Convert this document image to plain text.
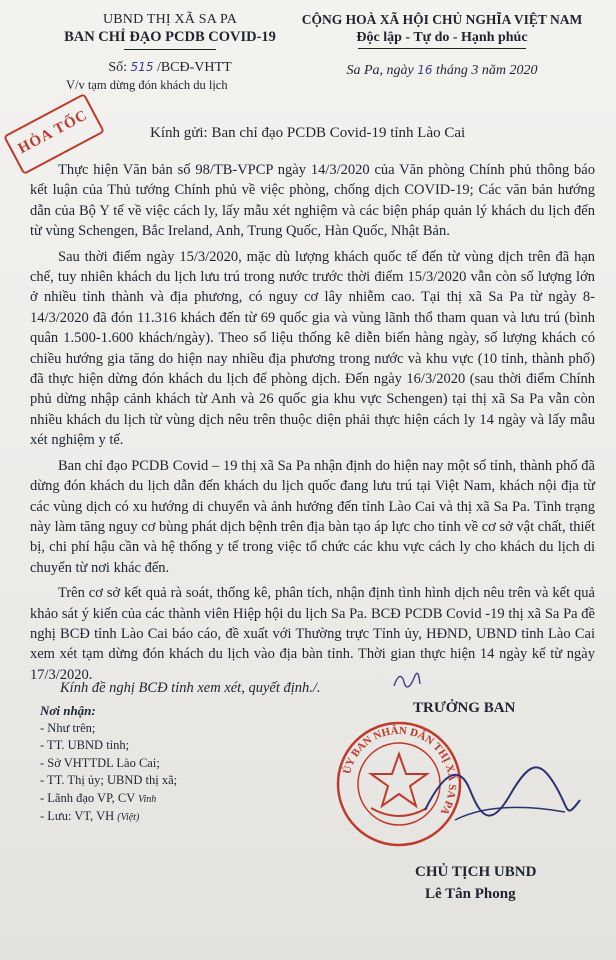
UBND THỊ XÃ SA PA
BAN CHỈ ĐẠO PCDB COVID-19
Số: 515 /BCĐ-VHTT
V/v tạm dừng đón khách du lịch
CỘNG HOÀ XÃ HỘI CHỦ NGHĨA VIỆT NAM
Độc lập - Tự do - Hạnh phúc
Sa Pa, ngày 16 tháng 3 năm 2020
HỎA TỐC	Kính gửi: Ban chỉ đạo PCDB Covid-19 tỉnh Lào Cai

Thực hiện Văn bản số 98/TB-VPCP ngày 14/3/2020 của Văn phòng Chính phủ thông báo kết luận của Thủ tướng Chính phủ về việc phòng, chống dịch COVID-19; Các văn bản hướng dẫn của Bộ Y tế về việc cách ly, lấy mẫu xét nghiệm và các biện pháp quản lý khách du lịch đến từ vùng Schengen, Bắc Ireland, Anh, Trung Quốc, Hàn Quốc, Nhật Bản.

Sau thời điểm ngày 15/3/2020, mặc dù lượng khách quốc tế đến từ vùng dịch trên đã hạn chế, tuy nhiên khách du lịch lưu trú trong nước trước thời điểm 15/3/2020 vẫn còn số lượng lớn ở nhiều tỉnh thành và địa phương, có nguy cơ lây nhiễm cao. Tại thị xã Sa Pa từ ngày 8-14/3/2020 đã đón 11.316 khách đến từ 69 quốc gia và vùng lãnh thổ tham quan và lưu trú (bình quân 1.500-1.600 khách/ngày). Theo số liệu thống kê diễn biến hàng ngày, số lượng khách có chiều hướng gia tăng do hiện nay nhiều địa phương trong nước và khu vực (10 tỉnh, thành phố) đã thực hiện dừng đón khách du lịch để phòng dịch. Đến ngày 16/3/2020 (sau thời điểm Chính phủ dừng nhập cảnh khách từ Anh và 26 quốc gia khu vực Schengen) tại thị xã Sa Pa vẫn còn nhiều khách du lịch từ vùng dịch nêu trên thuộc diện phải thực hiện cách ly 14 ngày và lấy mẫu xét nghiệm y tế.

Ban chỉ đạo PCDB Covid – 19 thị xã Sa Pa nhận định do hiện nay một số tỉnh, thành phố đã dừng đón khách du lịch dẫn đến khách du lịch quốc đang lưu trú tại Việt Nam, khách nội địa từ các vùng dịch có xu hướng di chuyển và ảnh hưởng đến tỉnh Lào Cai và thị xã Sa Pa. Tình trạng này làm tăng nguy cơ bùng phát dịch bệnh trên địa bàn tạo áp lực cho tỉnh về cơ sở vật chất, thiết bị, chi phí hậu cần và hệ thống y tế trong việc tổ chức các khu vực cách ly cho khách du lịch di chuyển từ nơi khác đến.

Trên cơ sở kết quả rà soát, thống kê, phân tích, nhận định tình hình dịch nêu trên và kết quả khảo sát ý kiến của các thành viên Hiệp hội du lịch Sa Pa. BCĐ PCDB Covid -19 thị xã Sa Pa đề nghị BCĐ tỉnh Lào Cai báo cáo, đề xuất với Thường trực Tỉnh ủy, HĐND, UBND tỉnh Lào Cai xem xét tạm dừng đón khách du lịch vào địa bàn tỉnh. Thời gian thực hiện 14 ngày kể từ ngày 17/3/2020.

Kính đề nghị BCĐ tỉnh xem xét, quyết định./.
Nơi nhận:
- Như trên;
- TT. UBND tỉnh;
- Sở VHTTDL Lào Cai;
- TT. Thị ủy; UBND thị xã;
- Lãnh đạo VP, CV Vinh
- Lưu: VT, VH (Việt)
TRƯỞNG BAN
ỦY BAN NHÂN DÂN THỊ XÃ SA PA
CHỦ TỊCH UBND
Lê Tân Phong
